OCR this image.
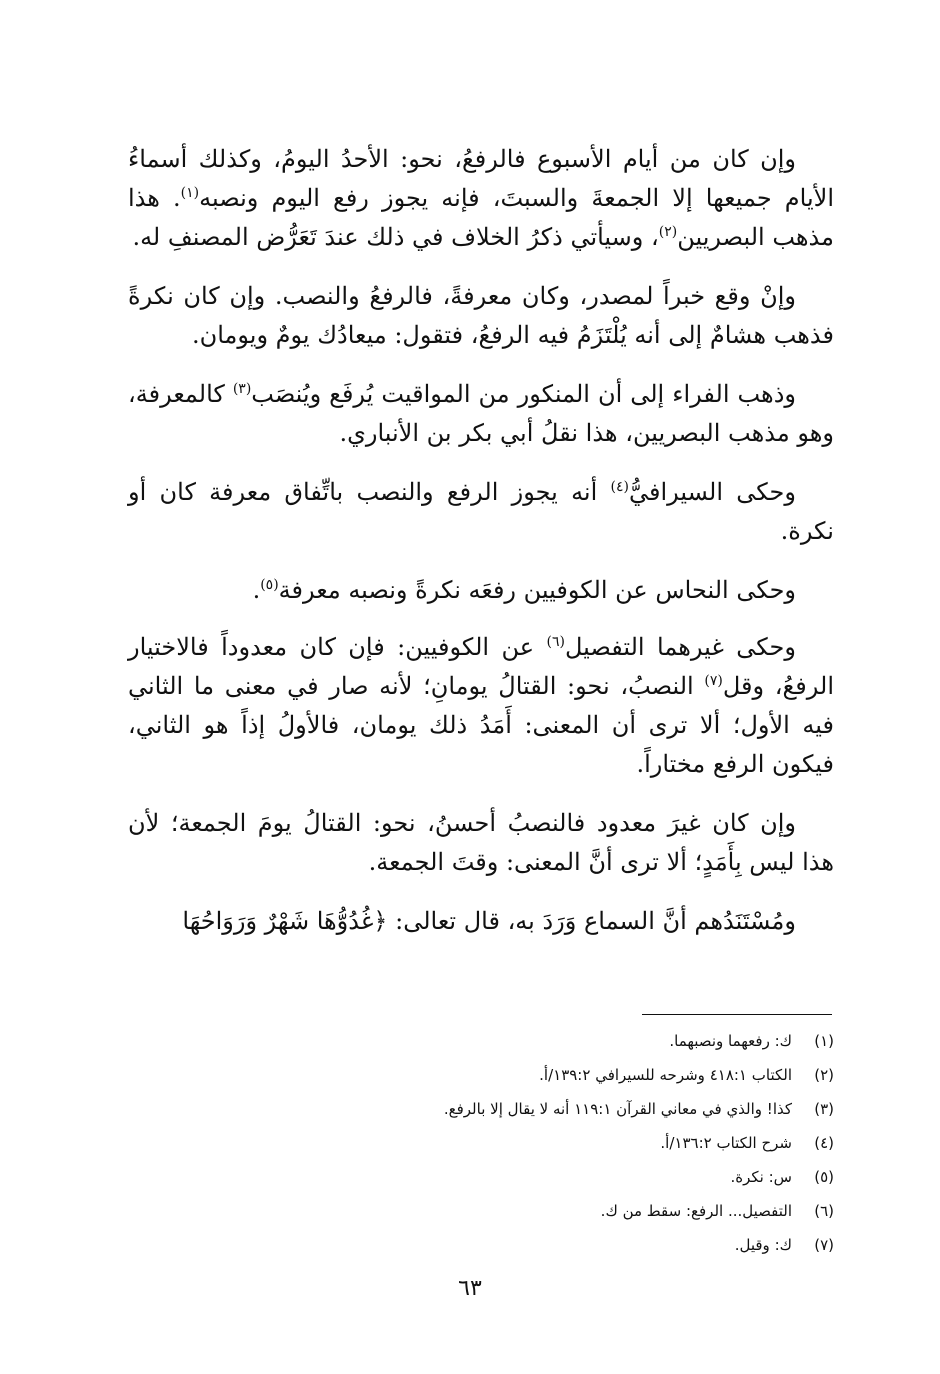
وإن كان من أيام الأسبوع فالرفعُ، نحو: الأحدُ اليومُ، وكذلك أسماءُ الأيام جميعها إلا الجمعةَ والسبتَ، فإنه يجوز رفع اليوم ونصبه$^{(١)}$. هذا مذهب البصريين$^{(٢)}$، وسيأتي ذكرُ الخلاف في ذلك عندَ تَعَرُّض المصنفِ له.

وإنْ وقع خبراً لمصدر، وكان معرفةً، فالرفعُ والنصب. وإن كان نكرةً فذهب هشامٌ إلى أنه يُلْتَزَمُ فيه الرفعُ، فتقول: ميعادُك يومٌ ويومان.

وذهب الفراء إلى أن المنكور من المواقيت يُرفَع ويُنصَب$^{(٣)}$ كالمعرفة، وهو مذهب البصريين، هذا نقلُ أبي بكر بن الأنباري.

وحكى السيرافيُّ$^{(٤)}$ أنه يجوز الرفع والنصب باتِّفاق معرفة كان أو نكرة.

وحكى النحاس عن الكوفيين رفعَه نكرةً ونصبه معرفة$^{(٥)}$.

وحكى غيرهما التفصيل$^{(٦)}$ عن الكوفيين: فإن كان معدوداً فالاختيار الرفعُ، وقل$^{(٧)}$ النصبُ، نحو: القتالُ يومانِ؛ لأنه صار في معنى ما الثاني فيه الأول؛ ألا ترى أن المعنى: أَمَدُ ذلك يومان، فالأولُ إذاً هو الثاني، فيكون الرفع مختاراً.

وإن كان غيرَ معدود فالنصبُ أحسنُ، نحو: القتالُ يومَ الجمعة؛ لأن هذا ليس بِأَمَدٍ؛ ألا ترى أنَّ المعنى: وقتَ الجمعة.

ومُسْتَنَدُهم أنَّ السماع وَرَدَ به، قال تعالى: ﴿غُدُوُّهَا شَهْرٌ وَرَوَاحُهَا

(١)
ك: رفعهما ونصبهما.
(٢)
الكتاب ٤١٨:١ وشرحه للسيرافي ١٣٩:٢/أ.
(٣)
كذا! والذي في معاني القرآن ١١٩:١ أنه لا يقال إلا بالرفع.
(٤)
شرح الكتاب ١٣٦:٢/أ.
(٥)
س: نكرة.
(٦)
التفصيل... الرفع: سقط من ك.
(٧)
ك: وقيل.
٦٣
